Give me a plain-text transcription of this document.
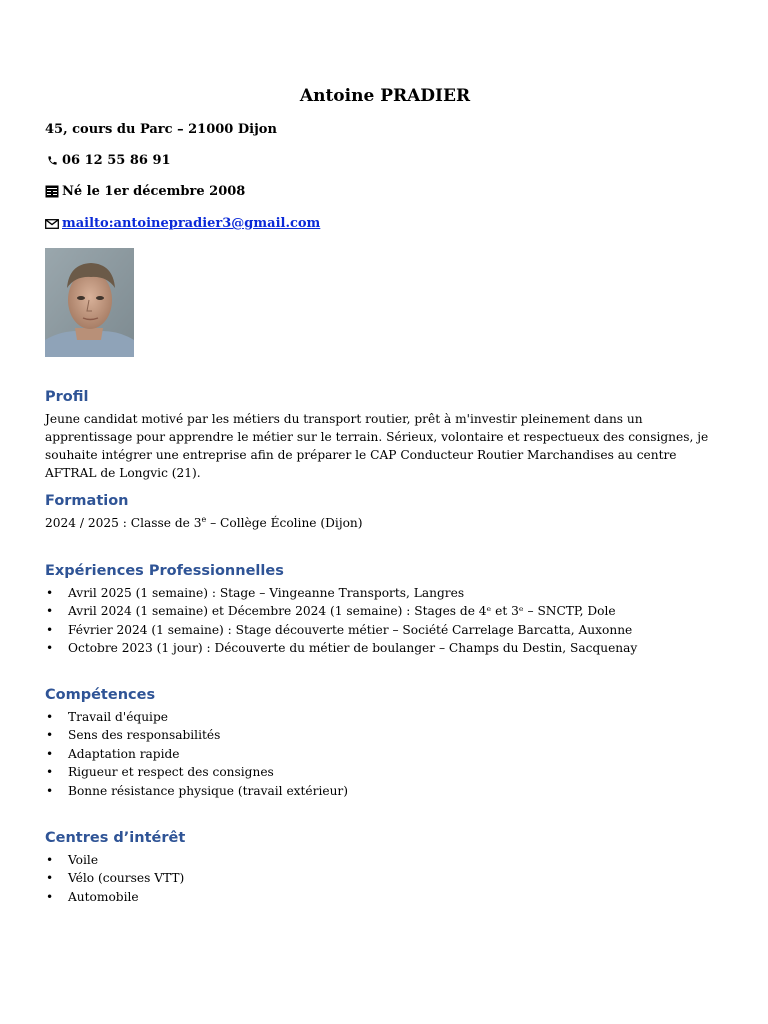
Antoine PRADIER
45, cours du Parc – 21000 Dijon
06 12 55 86 91
Né le 1er décembre 2008
mailto:antoinepradier3@gmail.com
Profil
Jeune candidat motivé par les métiers du transport routier, prêt à m'investir pleinement dans un apprentissage pour apprendre le métier sur le terrain. Sérieux, volontaire et respectueux des consignes, je souhaite intégrer une entreprise afin de préparer le CAP Conducteur Routier Marchandises au centre AFTRAL de Longvic (21).
Formation
2024 / 2025 : Classe de 3e – Collège Écoline (Dijon)
Expériences Professionnelles
• Avril 2025 (1 semaine) : Stage – Vingeanne Transports, Langres
• Avril 2024 (1 semaine) et Décembre 2024 (1 semaine) : Stages de 4ᵉ et 3ᵉ – SNCTP, Dole
• Février 2024 (1 semaine) : Stage découverte métier – Société Carrelage Barcatta, Auxonne
• Octobre 2023 (1 jour) : Découverte du métier de boulanger – Champs du Destin, Sacquenay
Compétences
• Travail d'équipe
• Sens des responsabilités
• Adaptation rapide
• Rigueur et respect des consignes
• Bonne résistance physique (travail extérieur)
Centres d’intérêt
• Voile
• Vélo (courses VTT)
• Automobile
